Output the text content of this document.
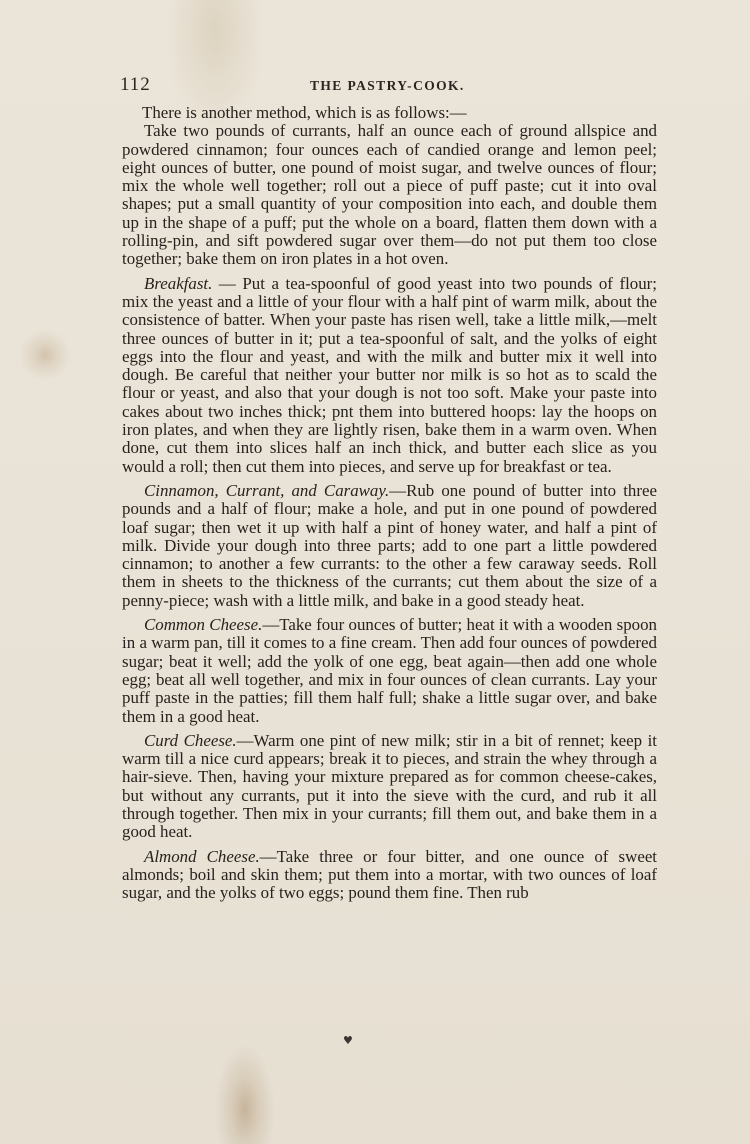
112	THE PASTRY-COOK.

There is another method, which is as follows:—

Take two pounds of currants, half an ounce each of ground allspice and powdered cinnamon; four ounces each of candied orange and lemon peel; eight ounces of butter, one pound of moist sugar, and twelve ounces of flour; mix the whole well together; roll out a piece of puff paste; cut it into oval shapes; put a small quantity of your composition into each, and double them up in the shape of a puff; put the whole on a board, flatten them down with a rolling-pin, and sift powdered sugar over them—do not put them too close together; bake them on iron plates in a hot oven.

Breakfast. — Put a tea-spoonful of good yeast into two pounds of flour; mix the yeast and a little of your flour with a half pint of warm milk, about the consistence of batter. When your paste has risen well, take a little milk,—melt three ounces of butter in it; put a tea-spoonful of salt, and the yolks of eight eggs into the flour and yeast, and with the milk and butter mix it well into dough. Be careful that neither your butter nor milk is so hot as to scald the flour or yeast, and also that your dough is not too soft. Make your paste into cakes about two inches thick; pnt them into buttered hoops: lay the hoops on iron plates, and when they are lightly risen, bake them in a warm oven. When done, cut them into slices half an inch thick, and butter each slice as you would a roll; then cut them into pieces, and serve up for breakfast or tea.

Cinnamon, Currant, and Caraway.—Rub one pound of butter into three pounds and a half of flour; make a hole, and put in one pound of powdered loaf sugar; then wet it up with half a pint of honey water, and half a pint of milk. Divide your dough into three parts; add to one part a little powdered cinnamon; to another a few currants: to the other a few caraway seeds. Roll them in sheets to the thickness of the currants; cut them about the size of a penny-piece; wash with a little milk, and bake in a good steady heat.

Common Cheese.—Take four ounces of butter; heat it with a wooden spoon in a warm pan, till it comes to a fine cream. Then add four ounces of powdered sugar; beat it well; add the yolk of one egg, beat again—then add one whole egg; beat all well together, and mix in four ounces of clean currants. Lay your puff paste in the patties; fill them half full; shake a little sugar over, and bake them in a good heat.

Curd Cheese.—Warm one pint of new milk; stir in a bit of rennet; keep it warm till a nice curd appears; break it to pieces, and strain the whey through a hair-sieve. Then, having your mixture prepared as for common cheese-cakes, but without any currants, put it into the sieve with the curd, and rub it all through together. Then mix in your currants; fill them out, and bake them in a good heat.

Almond Cheese.—Take three or four bitter, and one ounce of sweet almonds; boil and skin them; put them into a mortar, with two ounces of loaf sugar, and the yolks of two eggs; pound them fine. Then rub

♥
